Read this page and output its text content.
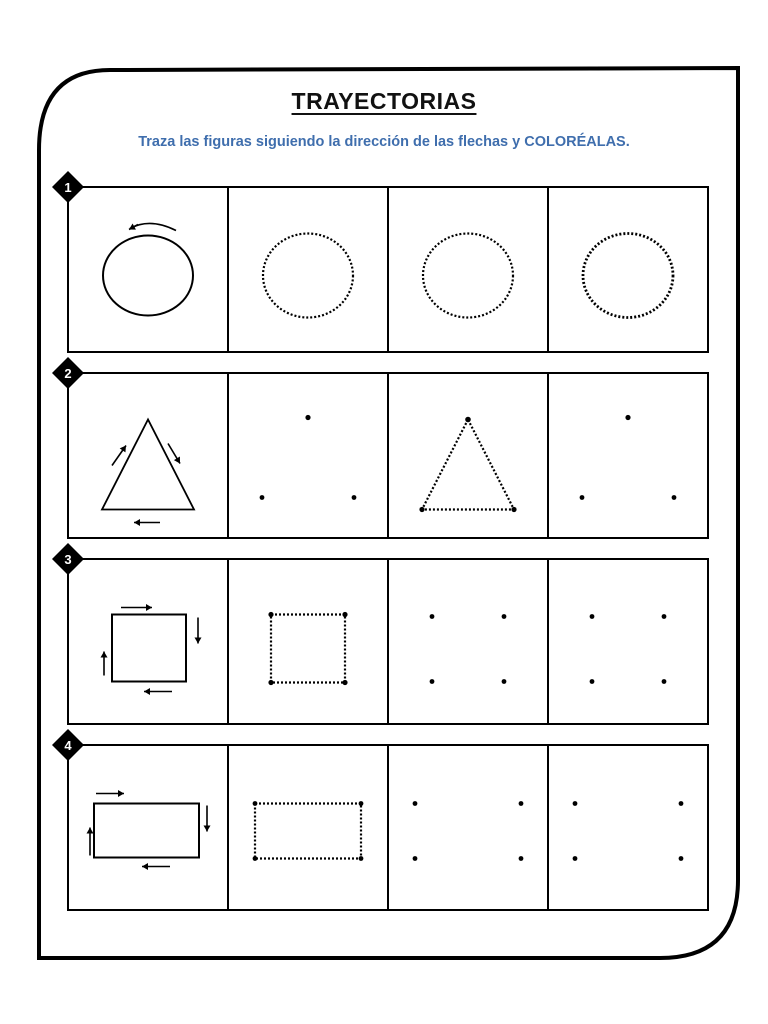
TRAYECTORIAS
Traza las figuras siguiendo la dirección de las flechas y COLORÉALAS.
1
2
3
4
